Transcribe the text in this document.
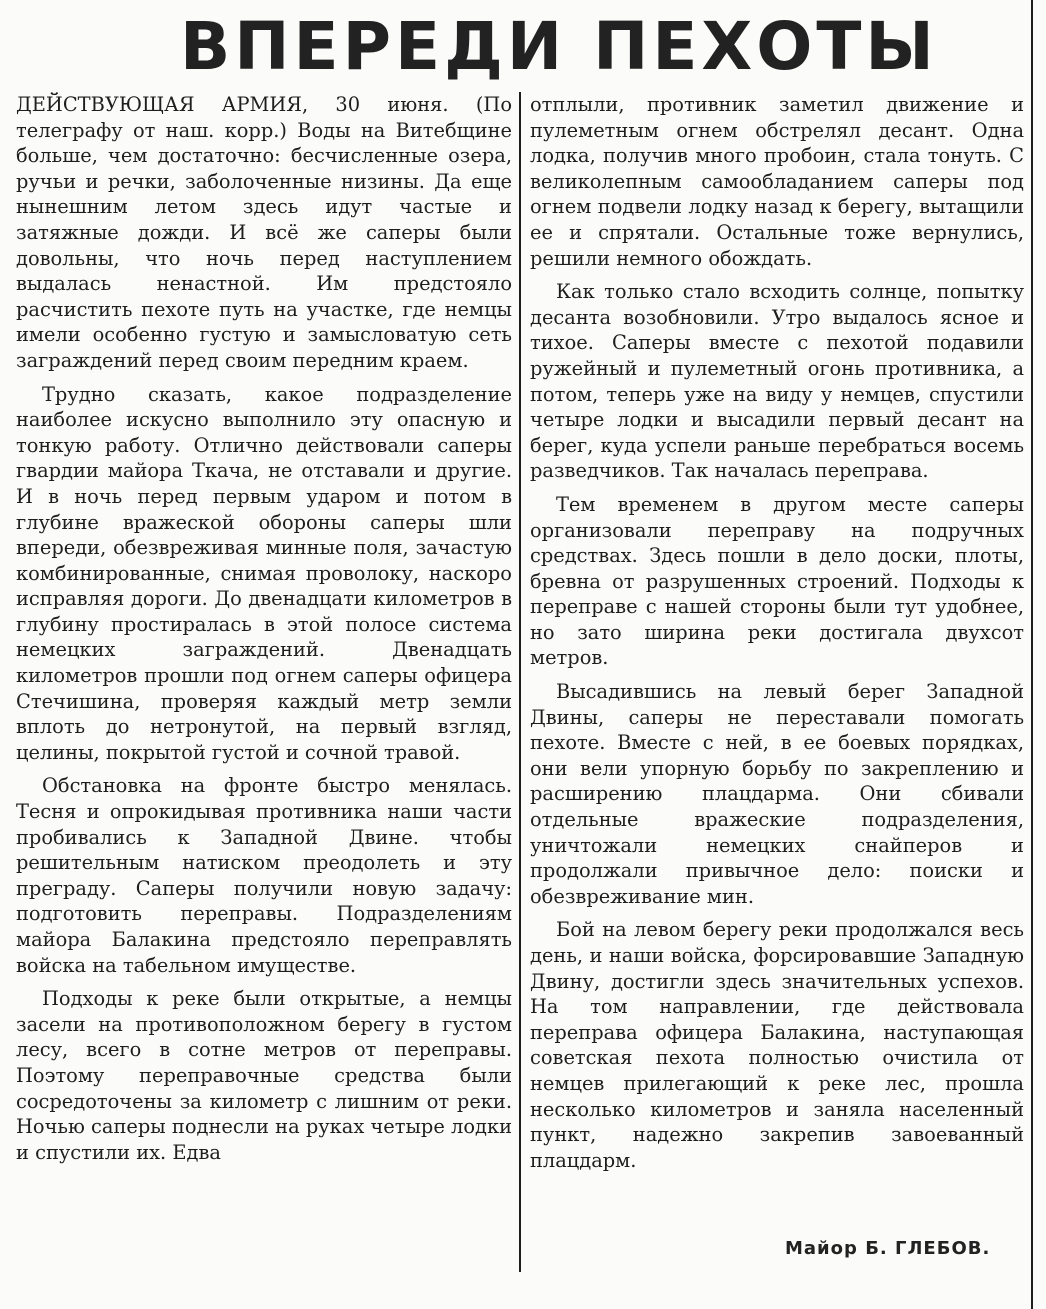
ВПЕРЕДИ ПЕХОТЫ

ДЕЙСТВУЮЩАЯ АРМИЯ, 30 июня. (По телеграфу от наш. корр.) Воды на Витебщине больше, чем достаточно: бесчисленные озера, ручьи и речки, заболоченные низины. Да еще нынешним летом здесь идут частые и затяжные дожди. И всё же саперы были довольны, что ночь перед наступлением выдалась ненастной. Им предстояло расчистить пехоте путь на участке, где немцы имели особенно густую и замысловатую сеть заграждений перед своим передним краем.

Трудно сказать, какое подразделение наиболее искусно выполнило эту опасную и тонкую работу. Отлично действовали саперы гвардии майора Ткача, не отставали и другие. И в ночь перед первым ударом и потом в глубине вражеской обороны саперы шли впереди, обезвреживая минные поля, зачастую комбинированные, снимая проволоку, наскоро исправляя дороги. До двенадцати километров в глубину простиралась в этой полосе система немецких заграждений. Двенадцать километров прошли под огнем саперы офицера Стечишина, проверяя каждый метр земли вплоть до нетронутой, на первый взгляд, целины, покрытой густой и сочной травой.

Обстановка на фронте быстро менялась. Тесня и опрокидывая противника наши части пробивались к Западной Двине. чтобы решительным натиском преодолеть и эту преграду. Саперы получили новую задачу: подготовить переправы. Подразделениям майора Балакина предстояло переправлять войска на табельном имуществе.

Подходы к реке были открытые, а немцы засели на противоположном берегу в густом лесу, всего в сотне метров от переправы. Поэтому переправочные средства были сосредоточены за километр с лишним от реки. Ночью саперы поднесли на руках четыре лодки и спустили их. Едва

отплыли, противник заметил движение и пулеметным огнем обстрелял десант. Одна лодка, получив много пробоин, стала тонуть. С великолепным самообладанием саперы под огнем подвели лодку назад к берегу, вытащили ее и спрятали. Остальные тоже вернулись, решили немного обождать.

Как только стало всходить солнце, попытку десанта возобновили. Утро выдалось ясное и тихое. Саперы вместе с пехотой подавили ружейный и пулеметный огонь противника, а потом, теперь уже на виду у немцев, спустили четыре лодки и высадили первый десант на берег, куда успели раньше перебраться восемь разведчиков. Так началась переправа.

Тем временем в другом месте саперы организовали переправу на подручных средствах. Здесь пошли в дело доски, плоты, бревна от разрушенных строений. Подходы к переправе с нашей стороны были тут удобнее, но зато ширина реки достигала двухсот метров.

Высадившись на левый берег Западной Двины, саперы не переставали помогать пехоте. Вместе с ней, в ее боевых порядках, они вели упорную борьбу по закреплению и расширению плацдарма. Они сбивали отдельные вражеские подразделения, уничтожали немецких снайперов и продолжали привычное дело: поиски и обезвреживание мин.

Бой на левом берегу реки продолжался весь день, и наши войска, форсировавшие Западную Двину, достигли здесь значительных успехов. На том направлении, где действовала переправа офицера Балакина, наступающая советская пехота полностью очистила от немцев прилегающий к реке лес, прошла несколько километров и заняла населенный пункт, надежно закрепив завоеванный плацдарм.

Майор Б. ГЛЕБОВ.
